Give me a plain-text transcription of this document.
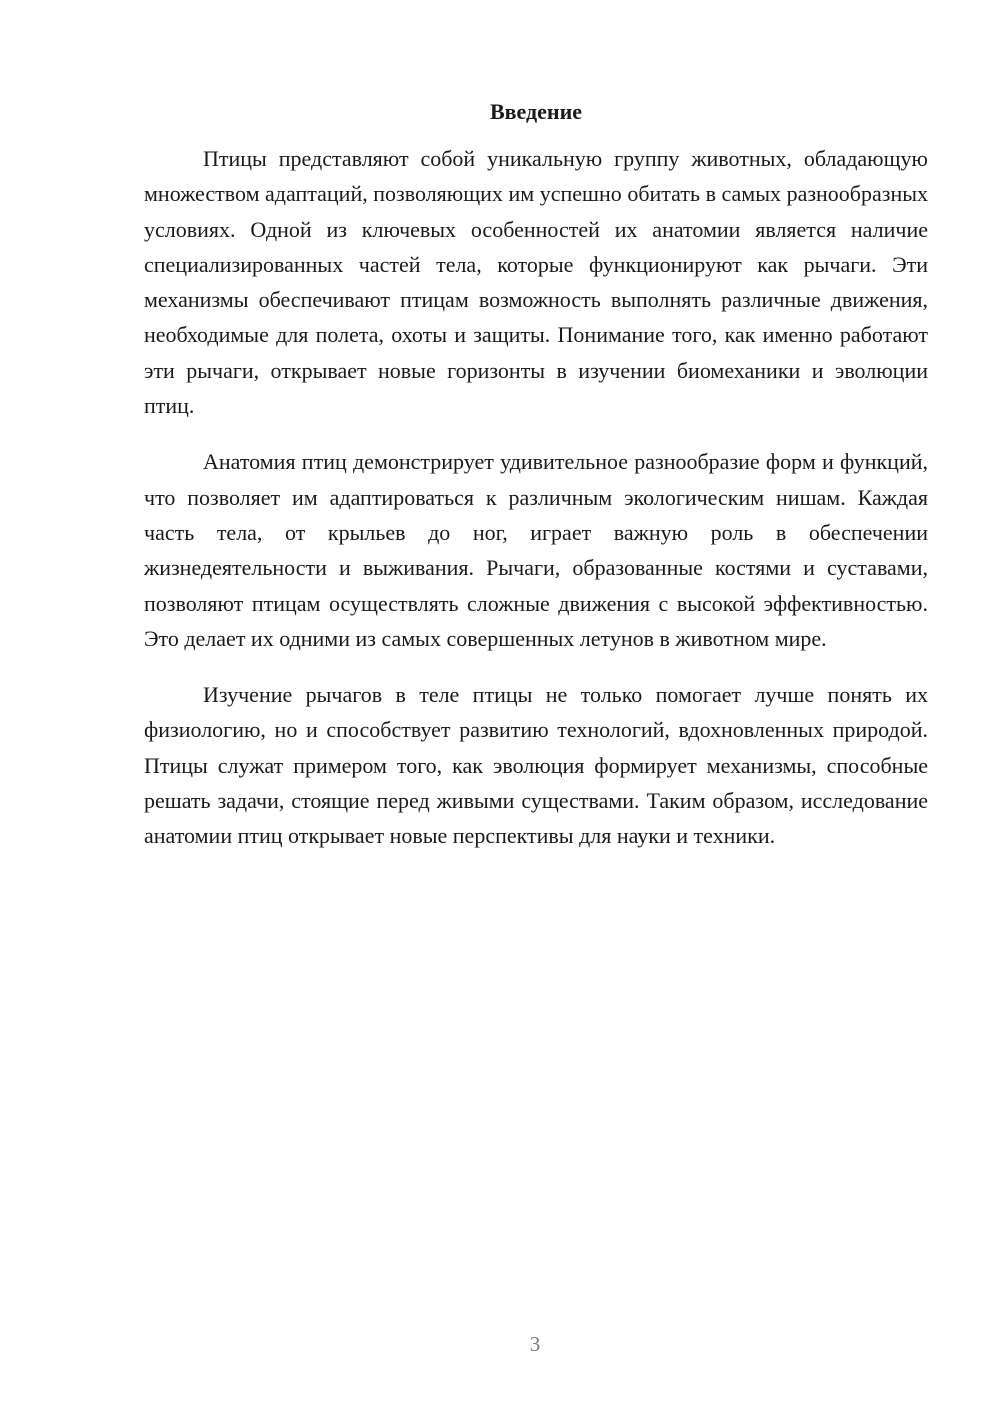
Введение

Птицы представляют собой уникальную группу животных, обладающую множеством адаптаций, позволяющих им успешно обитать в самых разнообразных условиях. Одной из ключевых особенностей их анатомии является наличие специализированных частей тела, которые функционируют как рычаги. Эти механизмы обеспечивают птицам возможность выполнять различные движения, необходимые для полета, охоты и защиты. Понимание того, как именно работают эти рычаги, открывает новые горизонты в изучении биомеханики и эволюции птиц.

Анатомия птиц демонстрирует удивительное разнообразие форм и функций, что позволяет им адаптироваться к различным экологическим нишам. Каждая часть тела, от крыльев до ног, играет важную роль в обеспечении жизнедеятельности и выживания. Рычаги, образованные костями и суставами, позволяют птицам осуществлять сложные движения с высокой эффективностью. Это делает их одними из самых совершенных летунов в животном мире.

Изучение рычагов в теле птицы не только помогает лучше понять их физиологию, но и способствует развитию технологий, вдохновленных природой. Птицы служат примером того, как эволюция формирует механизмы, способные решать задачи, стоящие перед живыми существами. Таким образом, исследование анатомии птиц открывает новые перспективы для науки и техники.

3
